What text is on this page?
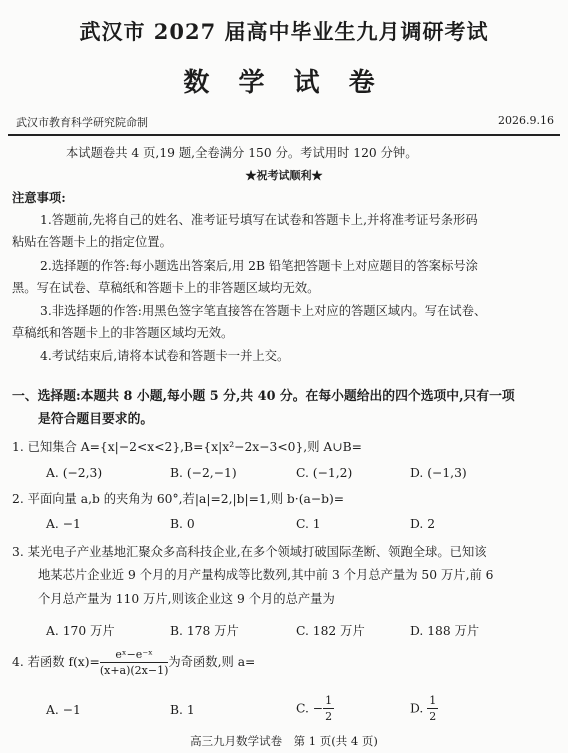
武汉市 2027 届高中毕业生九月调研考试
数 学 试 卷
武汉市教育科学研究院命制	2026.9.16
本试题卷共 4 页,19 题,全卷满分 150 分。考试用时 120 分钟。
★祝考试顺利★
注意事项:
1.答题前,先将自己的姓名、准考证号填写在试卷和答题卡上,并将准考证号条形码
粘贴在答题卡上的指定位置。
2.选择题的作答:每小题选出答案后,用 2B 铅笔把答题卡上对应题目的答案标号涂
黑。写在试卷、草稿纸和答题卡上的非答题区域均无效。
3.非选择题的作答:用黑色签字笔直接答在答题卡上对应的答题区域内。写在试卷、
草稿纸和答题卡上的非答题区域均无效。
4.考试结束后,请将本试卷和答题卡一并上交。
一、选择题:本题共 8 小题,每小题 5 分,共 40 分。在每小题给出的四个选项中,只有一项
是符合题目要求的。
1. 已知集合 A={x|−2<x<2},B={x|x²−2x−3<0},则 A∪B=
A. (−2,3)	B. (−2,−1)	C. (−1,2)	D. (−1,3)
2. 平面向量 a,b 的夹角为 60°,若|a|=2,|b|=1,则 b·(a−b)=
A. −1	B. 0	C. 1	D. 2
3. 某光电子产业基地汇聚众多高科技企业,在多个领域打破国际垄断、领跑全球。已知该
地某芯片企业近 9 个月的月产量构成等比数列,其中前 3 个月总产量为 50 万片,前 6
个月总产量为 110 万片,则该企业这 9 个月的总产量为
A. 170 万片	B. 178 万片	C. 182 万片	D. 188 万片
4. 若函数 $f(x)= \frac{\text{eˣ−e⁻ˣ}}{(x+a)(2x-1)}$ 为奇函数,则 a=
A. −1	B. 1	C. − $\frac{1}{2}$	D. $\frac{1}{2}$
高三九月数学试卷　第 1 页(共 4 页)
